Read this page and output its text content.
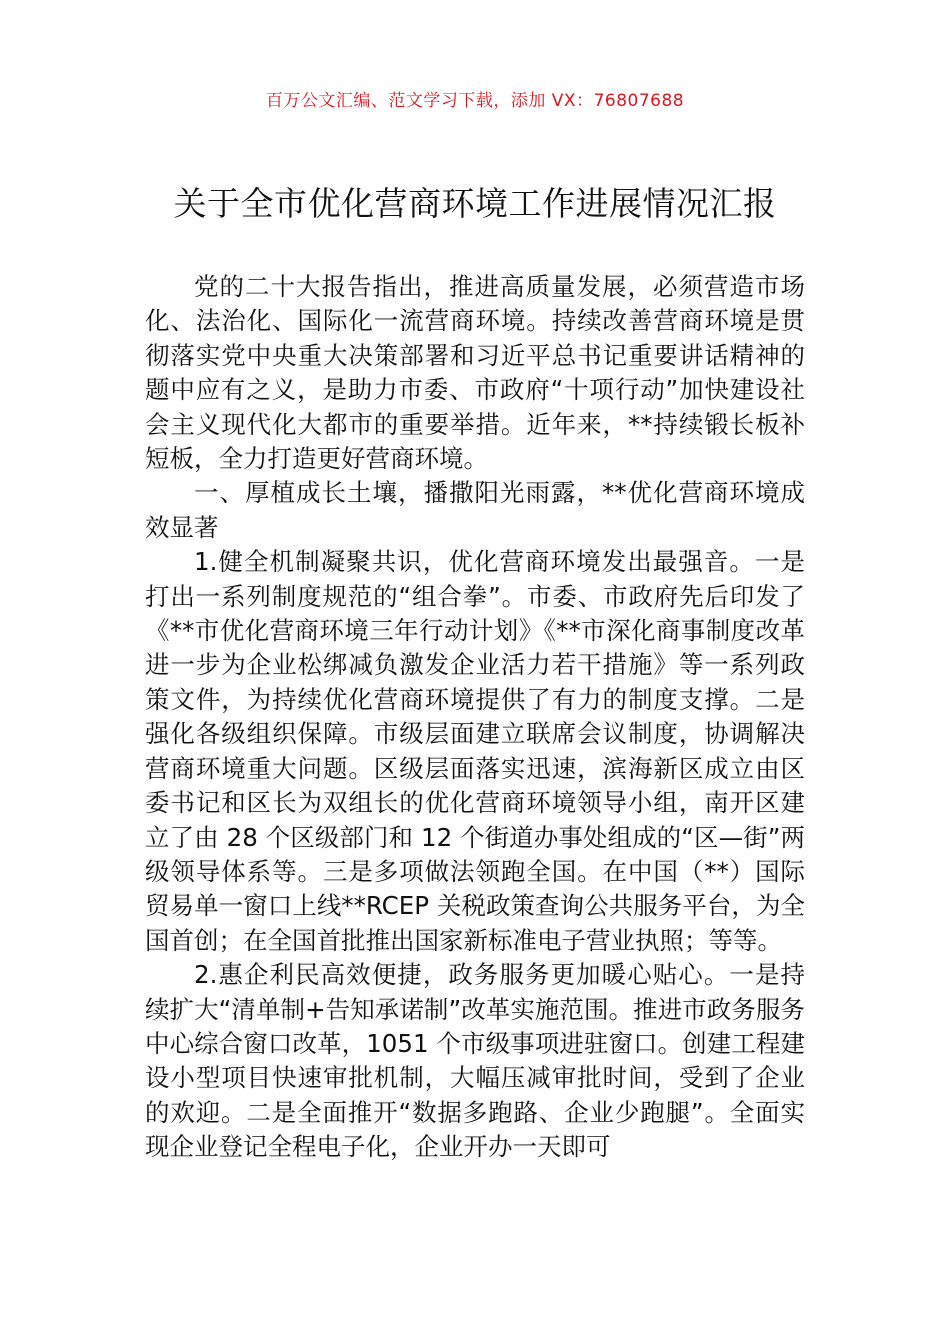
百万公文汇编、范文学习下载，添加 VX：76807688
关于全市优化营商环境工作进展情况汇报

党的二十大报告指出，推进高质量发展，必须营造市场化、法治化、国际化一流营商环境。持续改善营商环境是贯彻落实党中央重大决策部署和习近平总书记重要讲话精神的题中应有之义，是助力市委、市政府“十项行动”加快建设社会主义现代化大都市的重要举措。近年来，**持续锻长板补短板，全力打造更好营商环境。

一、厚植成长土壤，播撒阳光雨露，**优化营商环境成效显著

1.健全机制凝聚共识，优化营商环境发出最强音。一是打出一系列制度规范的“组合拳”。市委、市政府先后印发了《**市优化营商环境三年行动计划》《**市深化商事制度改革进一步为企业松绑减负激发企业活力若干措施》等一系列政策文件，为持续优化营商环境提供了有力的制度支撑。二是强化各级组织保障。市级层面建立联席会议制度，协调解决营商环境重大问题。区级层面落实迅速，滨海新区成立由区委书记和区长为双组长的优化营商环境领导小组，南开区建立了由 28 个区级部门和 12 个街道办事处组成的“区—街”两级领导体系等。三是多项做法领跑全国。在中国（**）国际贸易单一窗口上线**RCEP 关税政策查询公共服务平台，为全国首创；在全国首批推出国家新标准电子营业执照；等等。

2.惠企利民高效便捷，政务服务更加暖心贴心。一是持续扩大“清单制+告知承诺制”改革实施范围。推进市政务服务中心综合窗口改革，1051 个市级事项进驻窗口。创建工程建设小型项目快速审批机制，大幅压减审批时间，受到了企业的欢迎。二是全面推开“数据多跑路、企业少跑腿”。全面实现企业登记全程电子化，企业开办一天即可
